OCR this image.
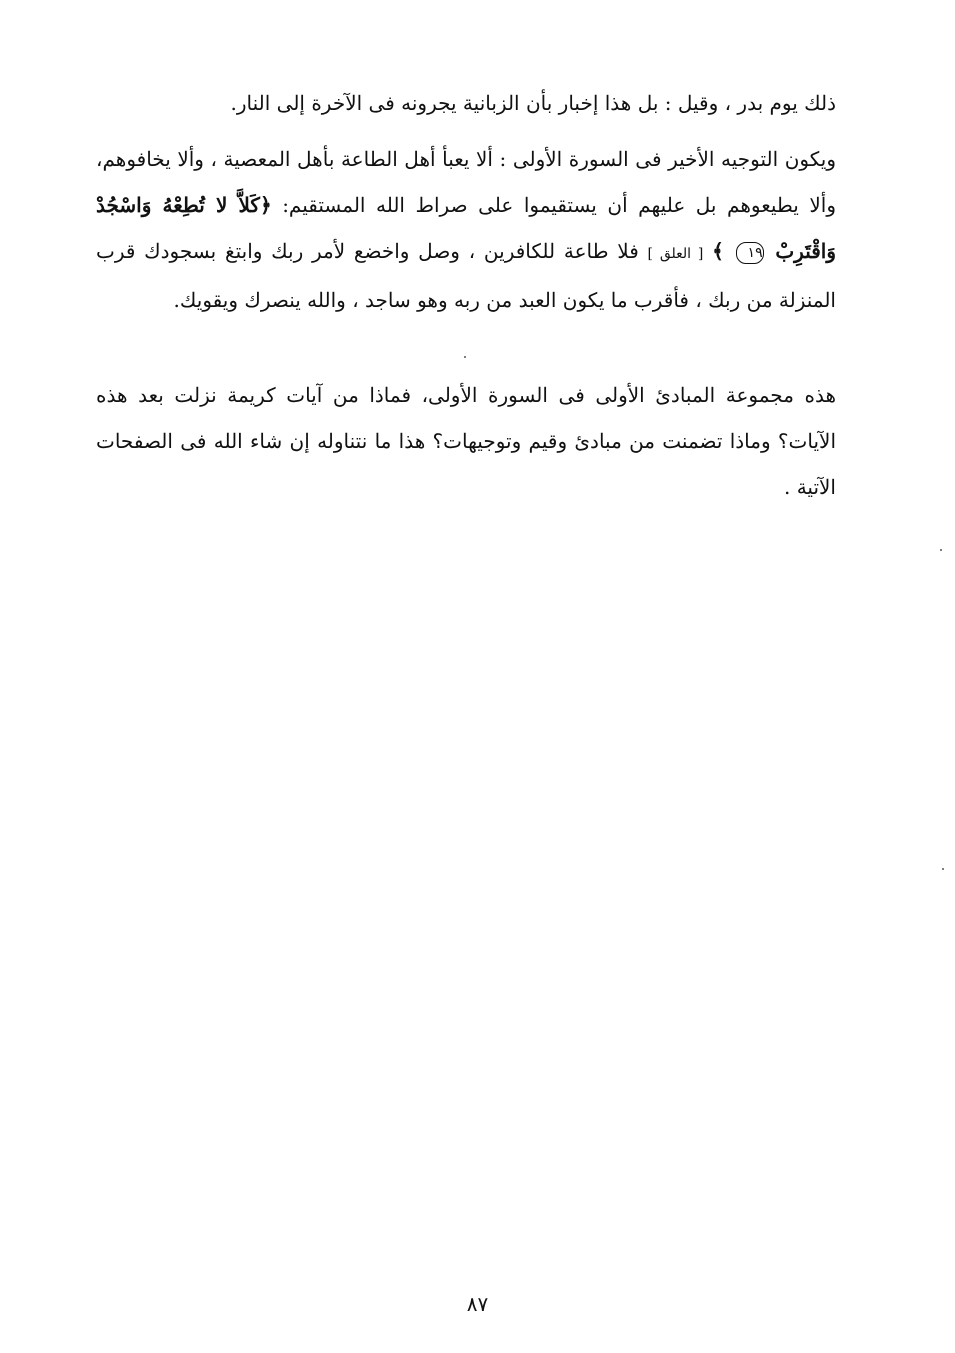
ذلك يوم بدر ، وقيل : بل هذا إخبار بأن الزبانية يجرونه فى الآخرة إلى النار.

ويكون التوجيه الأخير فى السورة الأولى : ألا يعبأ أهل الطاعة بأهل المعصية ، وألا يخافوهم، وألا يطيعوهم بل عليهم أن يستقيموا على صراط الله المستقيم: ﴿كَلاَّ لا تُطِعْهُ وَاسْجُدْ وَاقْتَرِبْ ١٩ ﴾ [ العلق ] فلا طاعة للكافرين ، وصل واخضع لأمر ربك وابتغ بسجودك قرب المنزلة من ربك ، فأقرب ما يكون العبد من ربه وهو ساجد ، والله ينصرك ويقويك.

هذه مجموعة المبادئ الأولى فى السورة الأولى، فماذا من آيات كريمة نزلت بعد هذه الآيات؟ وماذا تضمنت من مبادئ وقيم وتوجيهات؟ هذا ما نتناوله إن شاء الله فى الصفحات الآتية .

٨٧
